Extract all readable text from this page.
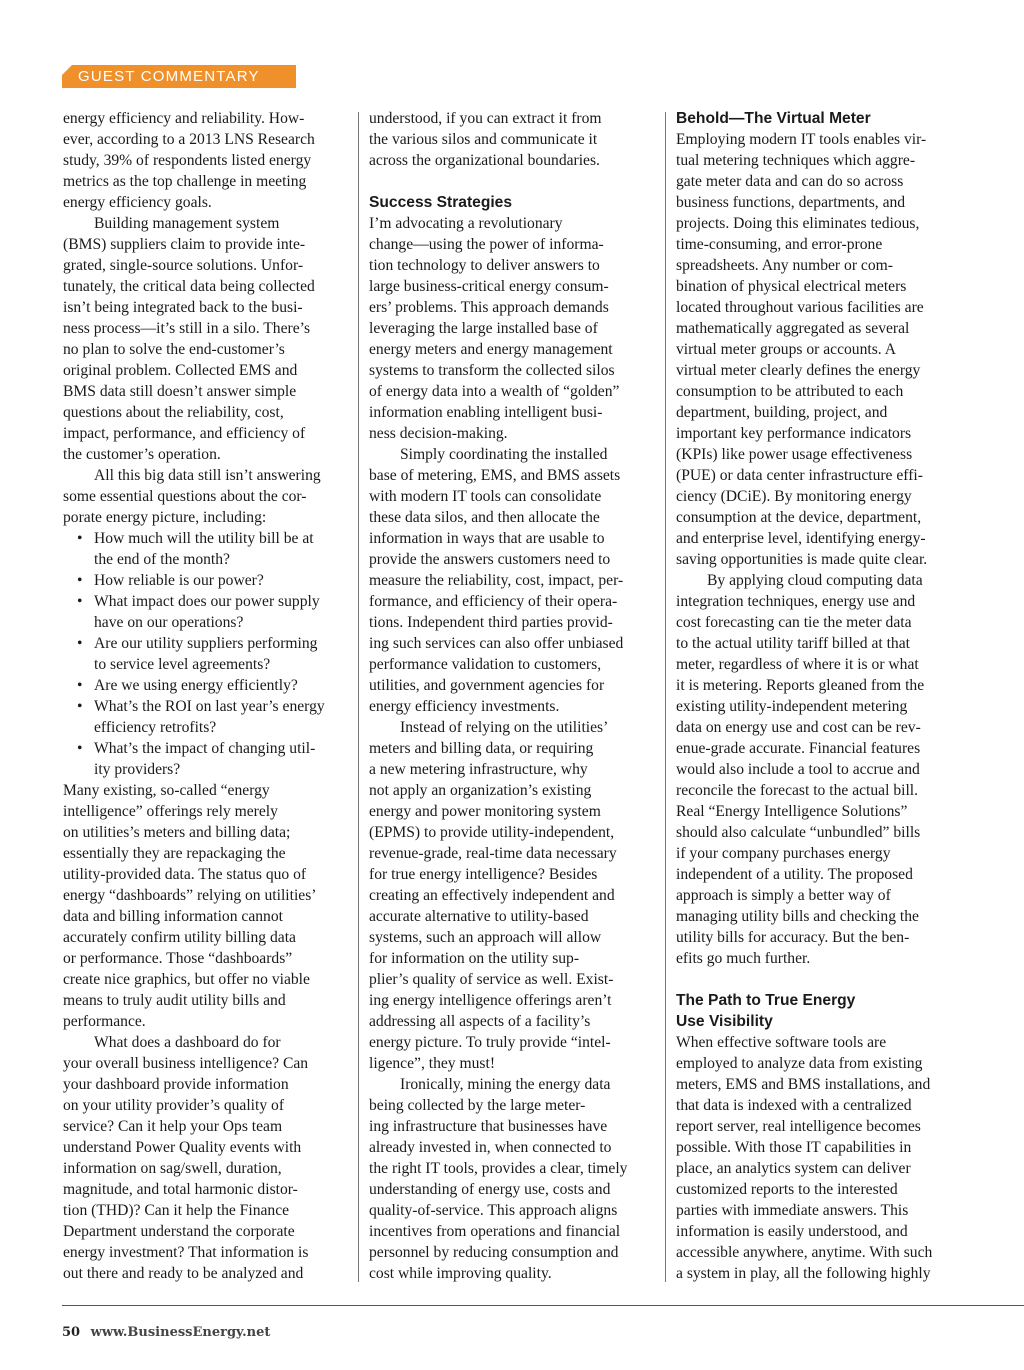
GUEST COMMENTARY
energy efficiency and reliability. How-
ever, according to a 2013 LNS Research
study, 39% of respondents listed energy
metrics as the top challenge in meeting
energy efficiency goals.
Building management system
(BMS) suppliers claim to provide inte-
grated, single-source solutions. Unfor-
tunately, the critical data being collected
isn’t being integrated back to the busi-
ness process—it’s still in a silo. There’s
no plan to solve the end-customer’s
original problem. Collected EMS and
BMS data still doesn’t answer simple
questions about the reliability, cost,
impact, performance, and efficiency of
the customer’s operation.
All this big data still isn’t answering
some essential questions about the cor-
porate energy picture, including:
• How much will the utility bill be at
the end of the month?
• How reliable is our power?
• What impact does our power supply
have on our operations?
• Are our utility suppliers performing
to service level agreements?
• Are we using energy efficiently?
• What’s the ROI on last year’s energy
efficiency retrofits?
• What’s the impact of changing util-
ity providers?
Many existing, so-called “energy
intelligence” offerings rely merely
on utilities’s meters and billing data;
essentially they are repackaging the
utility-provided data. The status quo of
energy “dashboards” relying on utilities’
data and billing information cannot
accurately confirm utility billing data
or performance. Those “dashboards”
create nice graphics, but offer no viable
means to truly audit utility bills and
performance.
What does a dashboard do for
your overall business intelligence? Can
your dashboard provide information
on your utility provider’s quality of
service? Can it help your Ops team
understand Power Quality events with
information on sag/swell, duration,
magnitude, and total harmonic distor-
tion (THD)? Can it help the Finance
Department understand the corporate
energy investment? That information is
out there and ready to be analyzed and
understood, if you can extract it from
the various silos and communicate it
across the organizational boundaries.
Success Strategies
I’m advocating a revolutionary
change—using the power of informa-
tion technology to deliver answers to
large business-critical energy consum-
ers’ problems. This approach demands
leveraging the large installed base of
energy meters and energy management
systems to transform the collected silos
of energy data into a wealth of “golden”
information enabling intelligent busi-
ness decision-making.
Simply coordinating the installed
base of metering, EMS, and BMS assets
with modern IT tools can consolidate
these data silos, and then allocate the
information in ways that are usable to
provide the answers customers need to
measure the reliability, cost, impact, per-
formance, and efficiency of their opera-
tions. Independent third parties provid-
ing such services can also offer unbiased
performance validation to customers,
utilities, and government agencies for
energy efficiency investments.
Instead of relying on the utilities’
meters and billing data, or requiring
a new metering infrastructure, why
not apply an organization’s existing
energy and power monitoring system
(EPMS) to provide utility-independent,
revenue-grade, real-time data necessary
for true energy intelligence? Besides
creating an effectively independent and
accurate alternative to utility-based
systems, such an approach will allow
for information on the utility sup-
plier’s quality of service as well. Exist-
ing energy intelligence offerings aren’t
addressing all aspects of a facility’s
energy picture. To truly provide “intel-
ligence”, they must!
Ironically, mining the energy data
being collected by the large meter-
ing infrastructure that businesses have
already invested in, when connected to
the right IT tools, provides a clear, timely
understanding of energy use, costs and
quality-of-service. This approach aligns
incentives from operations and financial
personnel by reducing consumption and
cost while improving quality.
Behold—The Virtual Meter
Employing modern IT tools enables vir-
tual metering techniques which aggre-
gate meter data and can do so across
business functions, departments, and
projects. Doing this eliminates tedious,
time-consuming, and error-prone
spreadsheets. Any number or com-
bination of physical electrical meters
located throughout various facilities are
mathematically aggregated as several
virtual meter groups or accounts. A
virtual meter clearly defines the energy
consumption to be attributed to each
department, building, project, and
important key performance indicators
(KPIs) like power usage effectiveness
(PUE) or data center infrastructure effi-
ciency (DCiE). By monitoring energy
consumption at the device, department,
and enterprise level, identifying energy-
saving opportunities is made quite clear.
By applying cloud computing data
integration techniques, energy use and
cost forecasting can tie the meter data
to the actual utility tariff billed at that
meter, regardless of where it is or what
it is metering. Reports gleaned from the
existing utility-independent metering
data on energy use and cost can be rev-
enue-grade accurate. Financial features
would also include a tool to accrue and
reconcile the forecast to the actual bill.
Real “Energy Intelligence Solutions”
should also calculate “unbundled” bills
if your company purchases energy
independent of a utility. The proposed
approach is simply a better way of
managing utility bills and checking the
utility bills for accuracy. But the ben-
efits go much further.
The Path to True Energy
Use Visibility
When effective software tools are
employed to analyze data from existing
meters, EMS and BMS installations, and
that data is indexed with a centralized
report server, real intelligence becomes
possible. With those IT capabilities in
place, an analytics system can deliver
customized reports to the interested
parties with immediate answers. This
information is easily understood, and
accessible anywhere, anytime. With such
a system in play, all the following highly
50 www.BusinessEnergy.net
